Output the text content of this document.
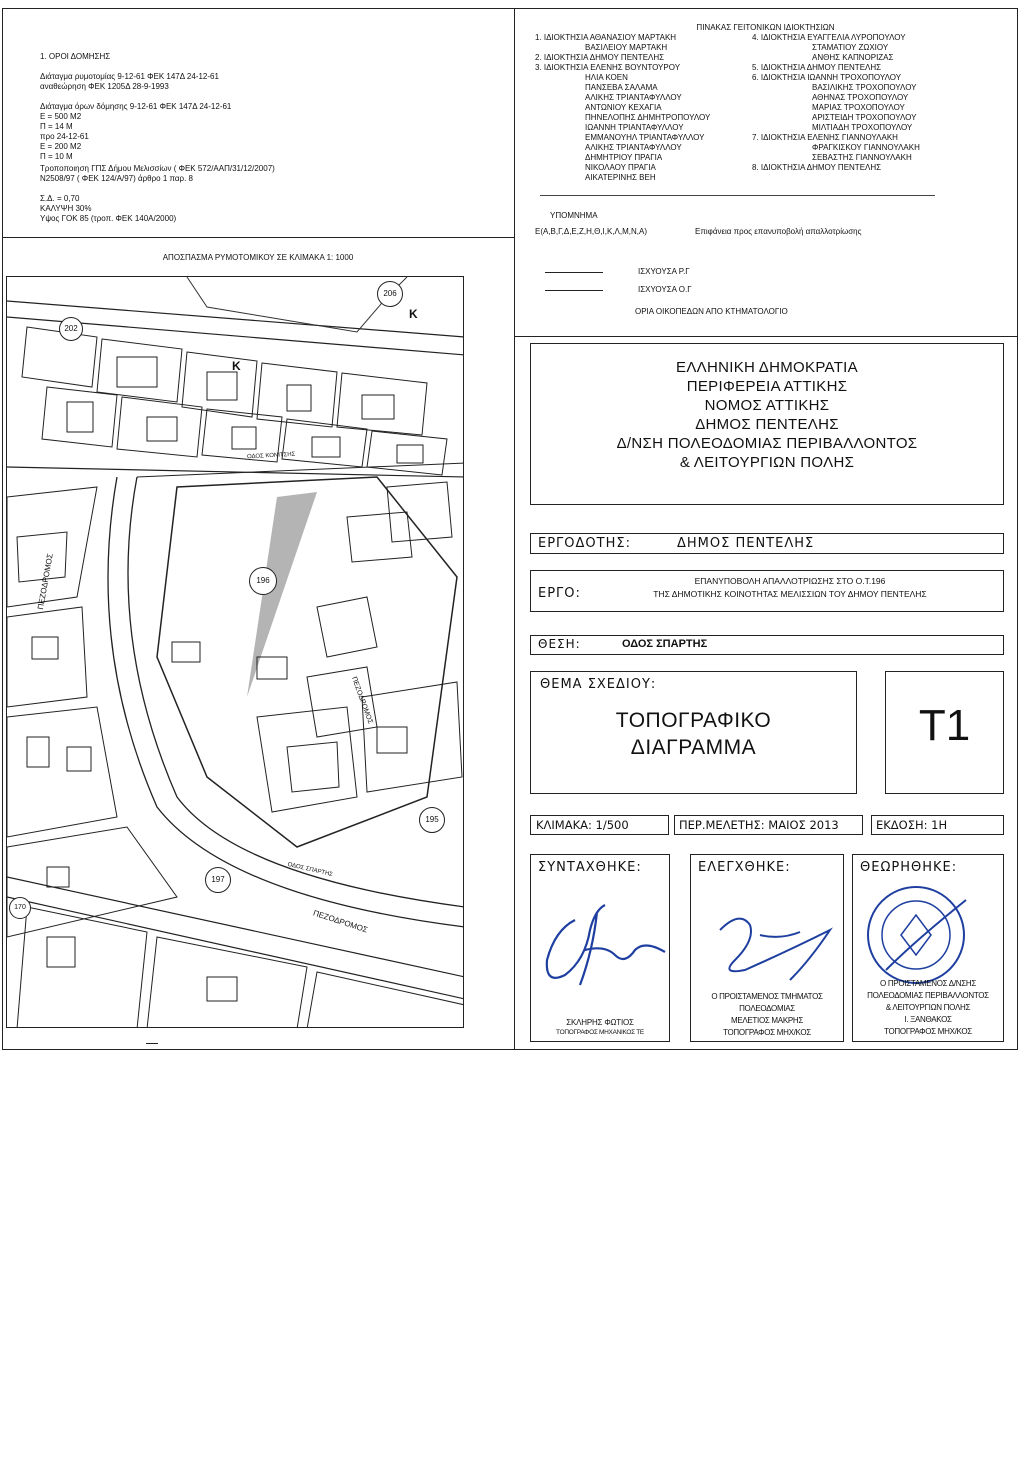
1. ΟΡΟΙ ΔΟΜΗΣΗΣ
Διάταγμα ρυμοτομίας 9-12-61 ΦΕΚ 147Δ 24-12-61
αναθεώρηση ΦΕΚ 1205Δ 28-9-1993
Διάταγμα όρων δόμησης 9-12-61 ΦΕΚ 147Δ 24-12-61
Ε = 500 Μ2
Π = 14 Μ
προ 24-12-61
Ε = 200 Μ2
Π = 10 Μ
Τροποποιηση ΓΠΣ Δήμου Μελισσίων ( ΦΕΚ 572/ΑΑΠ/31/12/2007)
Ν2508/97 ( ΦΕΚ 124/Α/97) άρθρο 1 παρ. 8
Σ.Δ. = 0,70
ΚΑΛΥΨΗ 30%
Υψος ΓΟΚ 85 (τροπ. ΦΕΚ 140Α/2000)
ΑΠΟΣΠΑΣΜΑ ΡΥΜΟΤΟΜΙΚΟΥ ΣΕ ΚΛΙΜΑΚΑ 1: 1000
206
196
195
197
202
170
Κ
Κ
ΟΔΟΣ ΚΟΝΙΤΣΗΣ
ΟΔΟΣ ΣΠΑΡΤΗΣ
ΠΕΖΟΔΡΟΜΟΣ
ΠΕΖΟΔΡΟΜΟΣ
ΠΕΖΟΔΡΟΜΟΣ
ΠΙΝΑΚΑΣ ΓΕΙΤΟΝΙΚΩΝ ΙΔΙΟΚΤΗΣΙΩΝ
1. ΙΔΙΟΚΤΗΣΙΑ ΑΘΑΝΑΣΙΟΥ ΜΑΡΤΑΚΗ
ΒΑΣΙΛΕΙΟΥ ΜΑΡΤΑΚΗ
2. ΙΔΙΟΚΤΗΣΙΑ ΔΗΜΟΥ ΠΕΝΤΕΛΗΣ
3. ΙΔΙΟΚΤΗΣΙΑ ΕΛΕΝΗΣ ΒΟΥΝΤΟΥΡΟΥ
ΗΛΙΑ ΚΟΕΝ
ΠΑΝΣΕΒΑ ΣΑΛΑΜΑ
ΑΛΙΚΗΣ ΤΡΙΑΝΤΑΦΥΛΛΟΥ
ΑΝΤΩΝΙΟΥ ΚΕΧΑΓΙΑ
ΠΗΝΕΛΟΠΗΣ ΔΗΜΗΤΡΟΠΟΥΛΟΥ
ΙΩΑΝΝΗ ΤΡΙΑΝΤΑΦΥΛΛΟΥ
ΕΜΜΑΝΟΥΗΛ ΤΡΙΑΝΤΑΦΥΛΛΟΥ
ΑΛΙΚΗΣ ΤΡΙΑΝΤΑΦΥΛΛΟΥ
ΔΗΜΗΤΡΙΟΥ ΠΡΑΓΙΑ
ΝΙΚΟΛΑΟΥ ΠΡΑΓΙΑ
ΑΙΚΑΤΕΡΙΝΗΣ ΒΕΗ
4. ΙΔΙΟΚΤΗΣΙΑ ΕΥΑΓΓΕΛΙΑ ΛΥΡΟΠΟΥΛΟΥ
ΣΤΑΜΑΤΙΟΥ ΖΩΧΙΟΥ
ΑΝΘΗΣ ΚΑΠΝΟΡΙΖΑΣ
5. ΙΔΙΟΚΤΗΣΙΑ ΔΗΜΟΥ ΠΕΝΤΕΛΗΣ
6. ΙΔΙΟΚΤΗΣΙΑ ΙΩΑΝΝΗ ΤΡΟΧΟΠΟΥΛΟΥ
ΒΑΣΙΛΙΚΗΣ ΤΡΟΧΟΠΟΥΛΟΥ
ΑΘΗΝΑΣ ΤΡΟΧΟΠΟΥΛΟΥ
ΜΑΡΙΑΣ ΤΡΟΧΟΠΟΥΛΟΥ
ΑΡΙΣΤΕΙΔΗ ΤΡΟΧΟΠΟΥΛΟΥ
ΜΙΛΤΙΑΔΗ ΤΡΟΧΟΠΟΥΛΟΥ
7. ΙΔΙΟΚΤΗΣΙΑ ΕΛΕΝΗΣ ΓΙΑΝΝΟΥΛΑΚΗ
ΦΡΑΓΚΙΣΚΟΥ ΓΙΑΝΝΟΥΛΑΚΗ
ΣΕΒΑΣΤΗΣ ΓΙΑΝΝΟΥΛΑΚΗ
8. ΙΔΙΟΚΤΗΣΙΑ ΔΗΜΟΥ ΠΕΝΤΕΛΗΣ
ΥΠΟΜΝΗΜΑ
Ε(Α,Β,Γ,Δ,Ε,Ζ,Η,Θ,Ι,Κ,Λ,Μ,Ν,Α)	Επιφάνεια προς επανυποβολή απαλλοτρίωσης
ΙΣΧΥΟΥΣΑ Ρ.Γ
ΙΣΧΥΟΥΣΑ Ο.Γ
ΟΡΙΑ ΟΙΚΟΠΕΔΩΝ ΑΠΟ ΚΤΗΜΑΤΟΛΟΓΙΟ
ΕΛΛΗΝΙΚΗ ΔΗΜΟΚΡΑΤΙΑ
ΠΕΡΙΦΕΡΕΙΑ ΑΤΤΙΚΗΣ
ΝΟΜΟΣ ΑΤΤΙΚΗΣ
ΔΗΜΟΣ ΠΕΝΤΕΛΗΣ
Δ/ΝΣΗ ΠΟΛΕΟΔΟΜΙΑΣ ΠΕΡΙΒΑΛΛΟΝΤΟΣ
& ΛΕΙΤΟΥΡΓΙΩΝ ΠΟΛΗΣ
ΕΡΓΟΔΟΤΗΣ:	ΔΗΜΟΣ ΠΕΝΤΕΛΗΣ
ΕΡΓΟ:
ΕΠΑΝΥΠΟΒΟΛΗ ΑΠΑΛΛΟΤΡΙΩΣΗΣ ΣΤΟ Ο.Τ.196
ΤΗΣ ΔΗΜΟΤΙΚΗΣ ΚΟΙΝΟΤΗΤΑΣ ΜΕΛΙΣΣΙΩΝ ΤΟΥ ΔΗΜΟΥ ΠΕΝΤΕΛΗΣ
ΘΕΣΗ:	ΟΔΟΣ ΣΠΑΡΤΗΣ
ΘΕΜΑ ΣΧΕΔΙΟΥ:
ΤΟΠΟΓΡΑΦΙΚΟ
ΔΙΑΓΡΑΜΜΑ	Τ1
ΚΛΙΜΑΚΑ: 1/500	ΠΕΡ.ΜΕΛΕΤΗΣ: ΜΑΙΟΣ 2013	ΕΚΔΟΣΗ: 1Η
ΣΥΝΤΑΧΘΗΚΕ:	ΕΛΕΓΧΘΗΚΕ:	ΘΕΩΡΗΘΗΚΕ:
ΣΚΛΗΡΗΣ ΦΩΤΙΟΣ
ΤΟΠΟΓΡΑΦΟΣ ΜΗΧΑΝΙΚΟΣ ΤΕ
Ο ΠΡΟΙΣΤΑΜΕΝΟΣ ΤΜΗΜΑΤΟΣ
ΠΟΛΕΟΔΟΜΙΑΣ
ΜΕΛΕΤΙΟΣ ΜΑΚΡΗΣ
ΤΟΠΟΓΡΑΦΟΣ ΜΗΧ/ΚΟΣ
Ο ΠΡΟΙΣΤΑΜΕΝΟΣ Δ/ΝΣΗΣ
ΠΟΛΕΟΔΟΜΙΑΣ ΠΕΡΙΒΑΛΛΟΝΤΟΣ
& ΛΕΙΤΟΥΡΓΙΩΝ ΠΟΛΗΣ
Ι. ΞΑΝΘΑΚΟΣ
ΤΟΠΟΓΡΑΦΟΣ ΜΗΧ/ΚΟΣ
